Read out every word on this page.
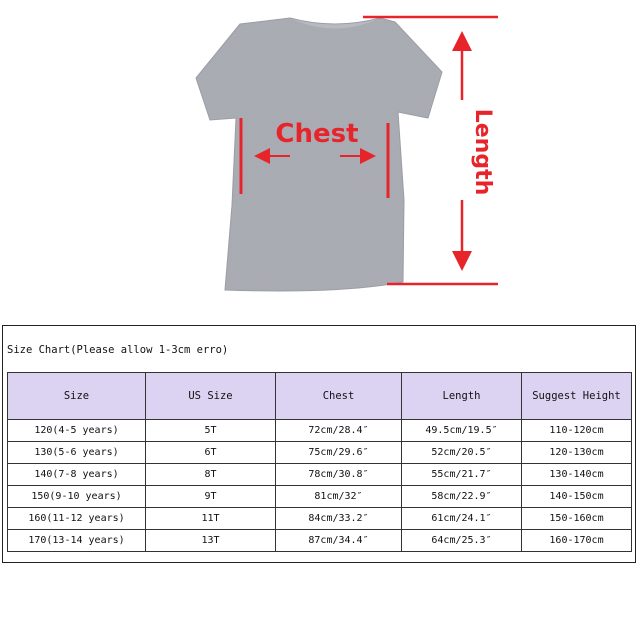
Chest	Length
Size Chart(Please allow 1-3cm erro)
Size	US Size	Chest	Length	Suggest Height
120(4-5 years)	5T	72cm/28.4″	49.5cm/19.5″	110-120cm
130(5-6 years)	6T	75cm/29.6″	52cm/20.5″	120-130cm
140(7-8 years)	8T	78cm/30.8″	55cm/21.7″	130-140cm
150(9-10 years)	9T	81cm/32″	58cm/22.9″	140-150cm
160(11-12 years)	11T	84cm/33.2″	61cm/24.1″	150-160cm
170(13-14 years)	13T	87cm/34.4″	64cm/25.3″	160-170cm
